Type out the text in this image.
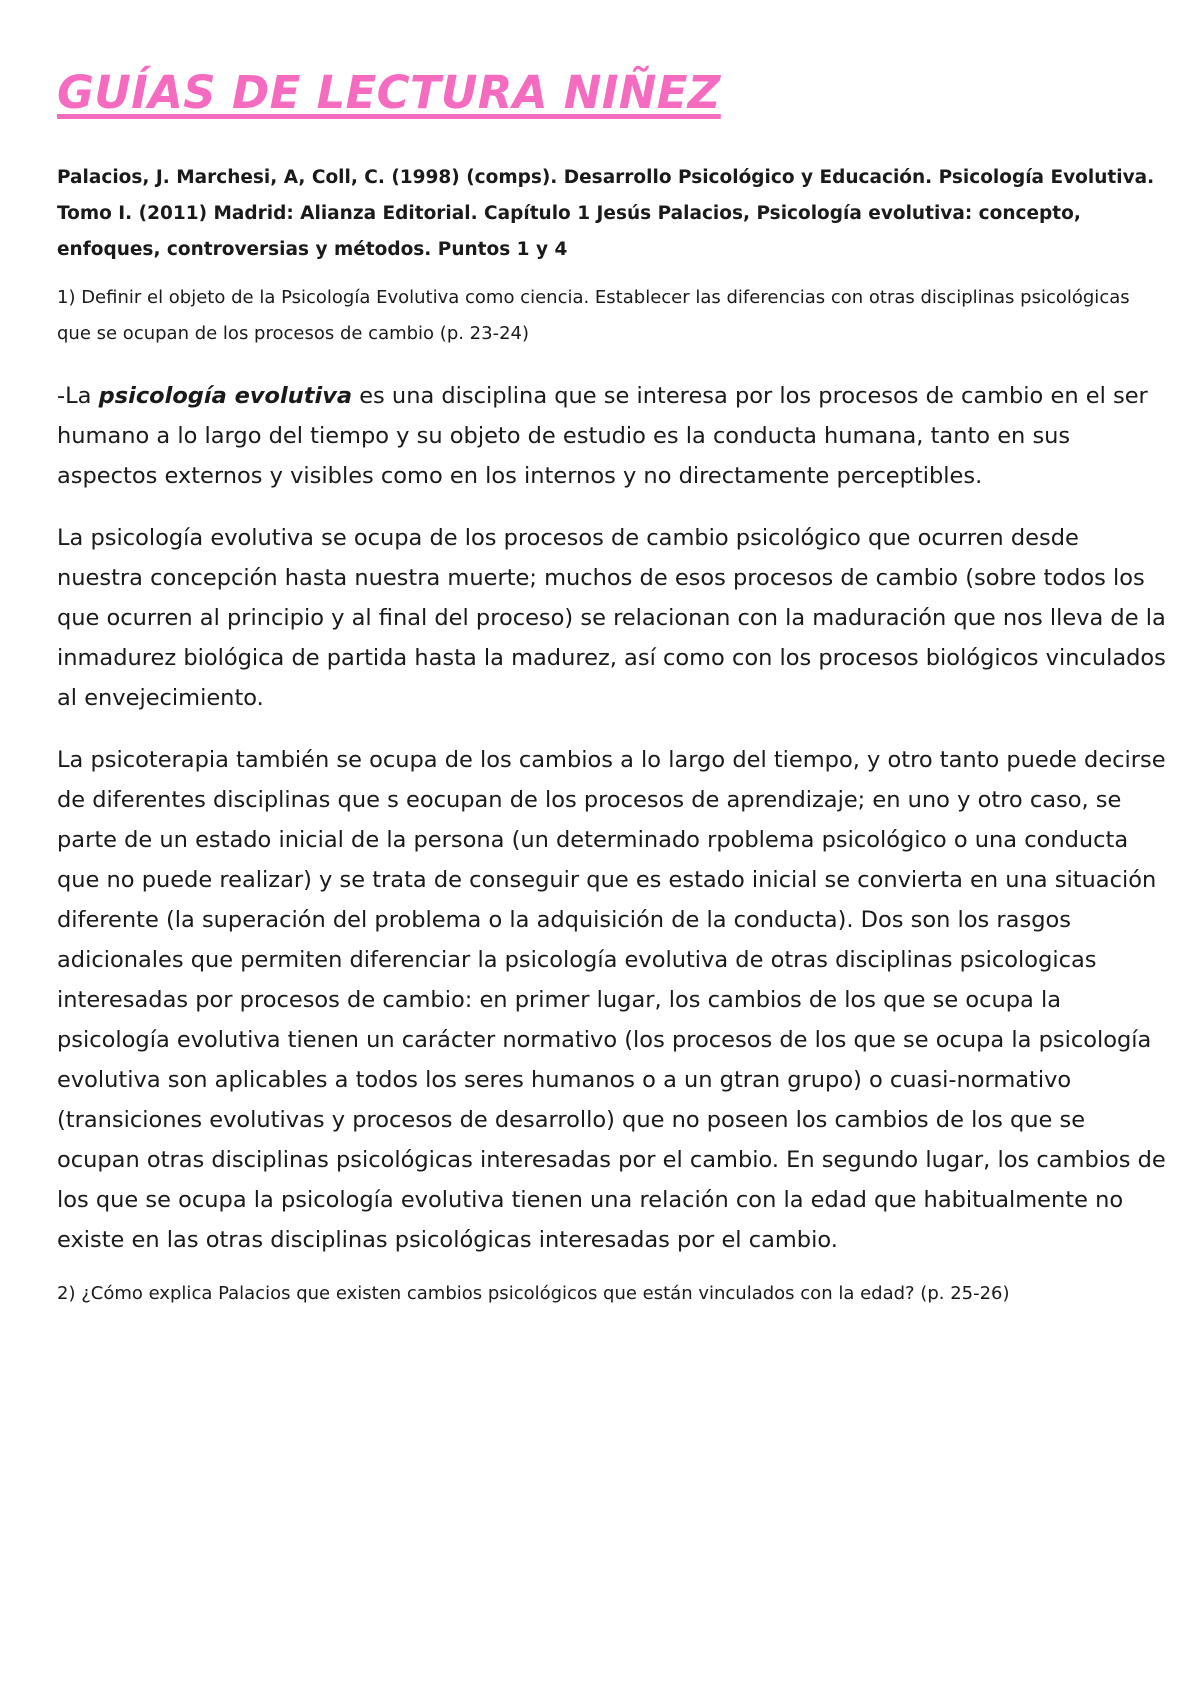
GUÍAS DE LECTURA NIÑEZ
Palacios, J. Marchesi, A, Coll, C. (1998) (comps). Desarrollo Psicológico y Educación. Psicología Evolutiva. Tomo I. (2011) Madrid: Alianza Editorial. Capítulo 1 Jesús Palacios, Psicología evolutiva: concepto, enfoques, controversias y métodos. Puntos 1 y 4
1) Definir el objeto de la Psicología Evolutiva como ciencia. Establecer las diferencias con otras disciplinas psicológicas que se ocupan de los procesos de cambio (p. 23-24)

-La psicología evolutiva es una disciplina que se interesa por los procesos de cambio en el ser humano a lo largo del tiempo y su objeto de estudio es la conducta humana, tanto en sus aspectos externos y visibles como en los internos y no directamente perceptibles.

La psicología evolutiva se ocupa de los procesos de cambio psicológico que ocurren desde nuestra concepción hasta nuestra muerte; muchos de esos procesos de cambio (sobre todos los que ocurren al principio y al final del proceso) se relacionan con la maduración que nos lleva de la inmadurez biológica de partida hasta la madurez, así como con los procesos biológicos vinculados al envejecimiento.

La psicoterapia también se ocupa de los cambios a lo largo del tiempo, y otro tanto puede decirse de diferentes disciplinas que s eocupan de los procesos de aprendizaje; en uno y otro caso, se parte de un estado inicial de la persona (un determinado rpoblema psicológico o una conducta que no puede realizar) y se trata de conseguir que es estado inicial se convierta en una situación diferente (la superación del problema o la adquisición de la conducta). Dos son los rasgos adicionales que permiten diferenciar la psicología evolutiva de otras disciplinas psicologicas interesadas por procesos de cambio: en primer lugar, los cambios de los que se ocupa la psicología evolutiva tienen un carácter normativo (los procesos de los que se ocupa la psicología evolutiva son aplicables a todos los seres humanos o a un gtran grupo) o cuasi-normativo (transiciones evolutivas y procesos de desarrollo) que no poseen los cambios de los que se ocupan otras disciplinas psicológicas interesadas por el cambio. En segundo lugar, los cambios de los que se ocupa la psicología evolutiva tienen una relación con la edad que habitualmente no existe en las otras disciplinas psicológicas interesadas por el cambio.

2) ¿Cómo explica Palacios que existen cambios psicológicos que están vinculados con la edad? (p. 25-26)
